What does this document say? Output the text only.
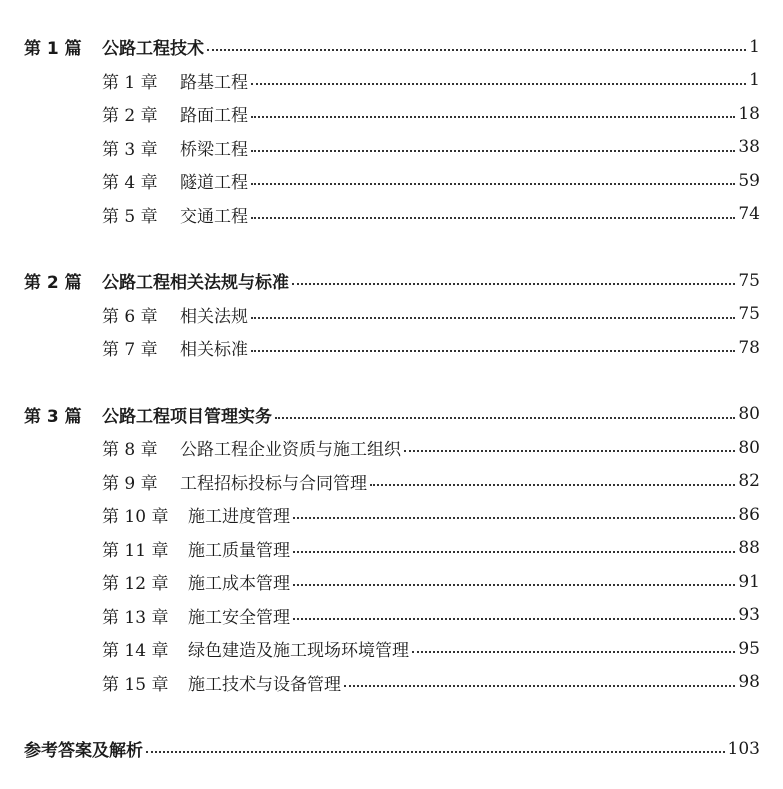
第 1 篇	公路工程技术	1
第 1 章	路基工程	1
第 2 章	路面工程	18
第 3 章	桥梁工程	38
第 4 章	隧道工程	59
第 5 章	交通工程	74
第 2 篇	公路工程相关法规与标准	75
第 6 章	相关法规	75
第 7 章	相关标准	78
第 3 篇	公路工程项目管理实务	80
第 8 章	公路工程企业资质与施工组织	80
第 9 章	工程招标投标与合同管理	82
第 10 章	施工进度管理	86
第 11 章	施工质量管理	88
第 12 章	施工成本管理	91
第 13 章	施工安全管理	93
第 14 章	绿色建造及施工现场环境管理	95
第 15 章	施工技术与设备管理	98
参考答案及解析	103
